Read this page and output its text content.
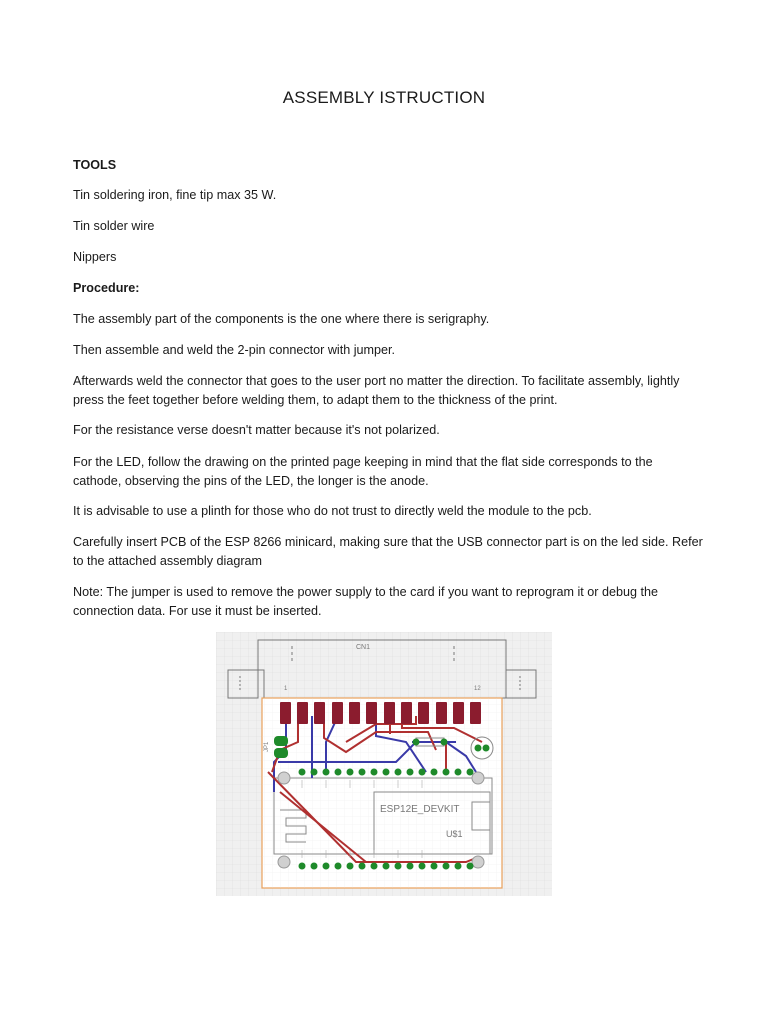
ASSEMBLY ISTRUCTION

TOOLS

Tin soldering iron, fine tip max 35 W.

Tin solder wire

Nippers

Procedure:

The assembly part of the components is the one where there is serigraphy.

Then assemble and weld the 2-pin connector with jumper.

Afterwards weld the connector that goes to the user port no matter the direction. To facilitate assembly, lightly press the feet together before welding them, to adapt them to the thickness of the print.

For the resistance verse doesn't matter because it's not polarized.

For the LED, follow the drawing on the printed page keeping in mind that the flat side corresponds to the cathode, observing the pins of the LED, the longer is the anode.

It is advisable to use a plinth for those who do not trust to directly weld the module to the pcb.

Carefully insert PCB of the ESP 8266 minicard, making sure that the USB connector part is on the led side. Refer to the attached assembly diagram

Note: The jumper is used to remove the power supply to the card if you want to reprogram it or debug the connection data. For use it must be inserted.

CN1
1	12
ESP12E_DEVKIT
U$1
JP1
